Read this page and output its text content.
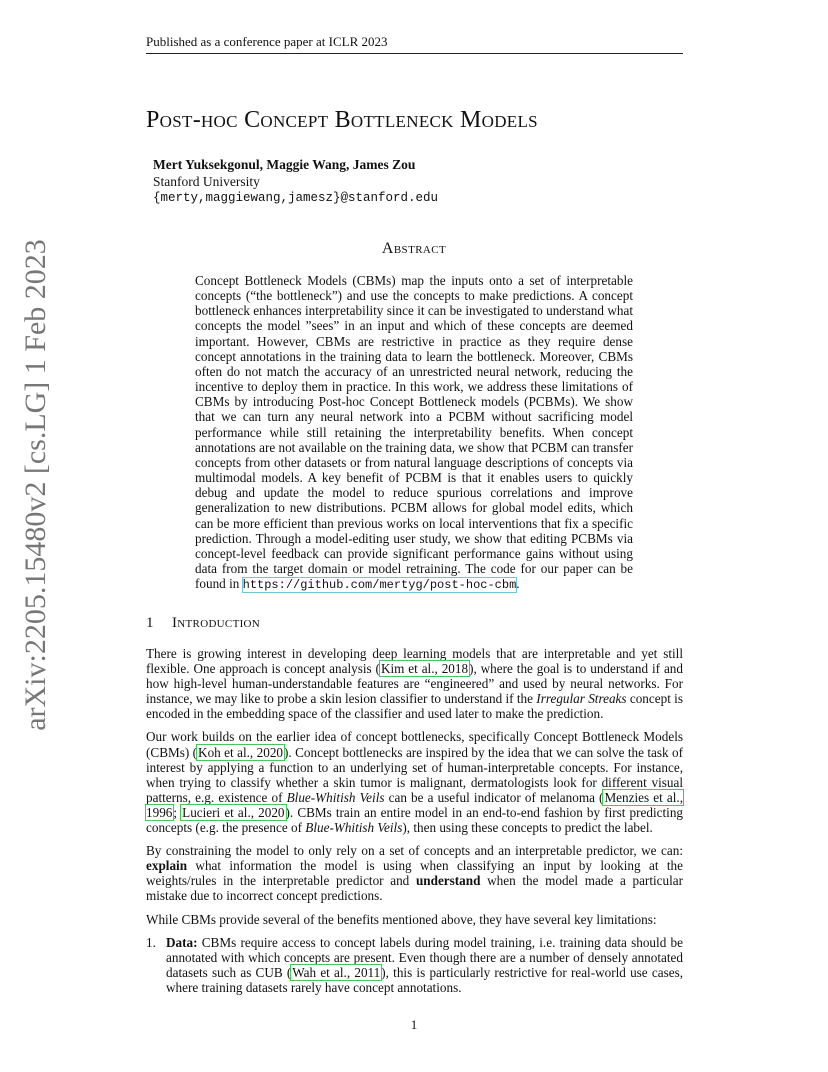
Published as a conference paper at ICLR 2023
arXiv:2205.15480v2 [cs.LG] 1 Feb 2023
Post-hoc Concept Bottleneck Models
Mert Yuksekgonul, Maggie Wang, James Zou
Stanford University
{merty,maggiewang,jamesz}@stanford.edu
Abstract
Concept Bottleneck Models (CBMs) map the inputs onto a set of interpretable concepts (“the bottleneck”) and use the concepts to make predictions. A concept bottleneck enhances interpretability since it can be investigated to understand what concepts the model ”sees” in an input and which of these concepts are deemed important. However, CBMs are restrictive in practice as they require dense concept annotations in the training data to learn the bottleneck. Moreover, CBMs often do not match the accuracy of an unrestricted neural network, reducing the incentive to deploy them in practice. In this work, we address these limitations of CBMs by introducing Post-hoc Concept Bottleneck models (PCBMs). We show that we can turn any neural network into a PCBM without sacrificing model performance while still retaining the interpretability benefits. When concept annotations are not available on the training data, we show that PCBM can transfer concepts from other datasets or from natural language descriptions of concepts via multimodal models. A key benefit of PCBM is that it enables users to quickly debug and update the model to reduce spurious correlations and improve generalization to new distributions. PCBM allows for global model edits, which can be more efficient than previous works on local interventions that fix a specific prediction. Through a model-editing user study, we show that editing PCBMs via concept-level feedback can provide significant performance gains without using data from the target domain or model retraining. The code for our paper can be found in https://github.com/mertyg/post-hoc-cbm.
1 Introduction

There is growing interest in developing deep learning models that are interpretable and yet still flexible. One approach is concept analysis (Kim et al., 2018), where the goal is to understand if and how high-level human-understandable features are “engineered” and used by neural networks. For instance, we may like to probe a skin lesion classifier to understand if the Irregular Streaks concept is encoded in the embedding space of the classifier and used later to make the prediction.

Our work builds on the earlier idea of concept bottlenecks, specifically Concept Bottleneck Models (CBMs) (Koh et al., 2020). Concept bottlenecks are inspired by the idea that we can solve the task of interest by applying a function to an underlying set of human-interpretable concepts. For instance, when trying to classify whether a skin tumor is malignant, dermatologists look for different visual patterns, e.g. existence of Blue-Whitish Veils can be a useful indicator of melanoma (Menzies et al., 1996; Lucieri et al., 2020). CBMs train an entire model in an end-to-end fashion by first predicting concepts (e.g. the presence of Blue-Whitish Veils), then using these concepts to predict the label.

By constraining the model to only rely on a set of concepts and an interpretable predictor, we can: explain what information the model is using when classifying an input by looking at the weights/rules in the interpretable predictor and understand when the model made a particular mistake due to incorrect concept predictions.

While CBMs provide several of the benefits mentioned above, they have several key limitations:

1. Data: CBMs require access to concept labels during model training, i.e. training data should be annotated with which concepts are present. Even though there are a number of densely annotated datasets such as CUB (Wah et al., 2011), this is particularly restrictive for real-world use cases, where training datasets rarely have concept annotations.
1
